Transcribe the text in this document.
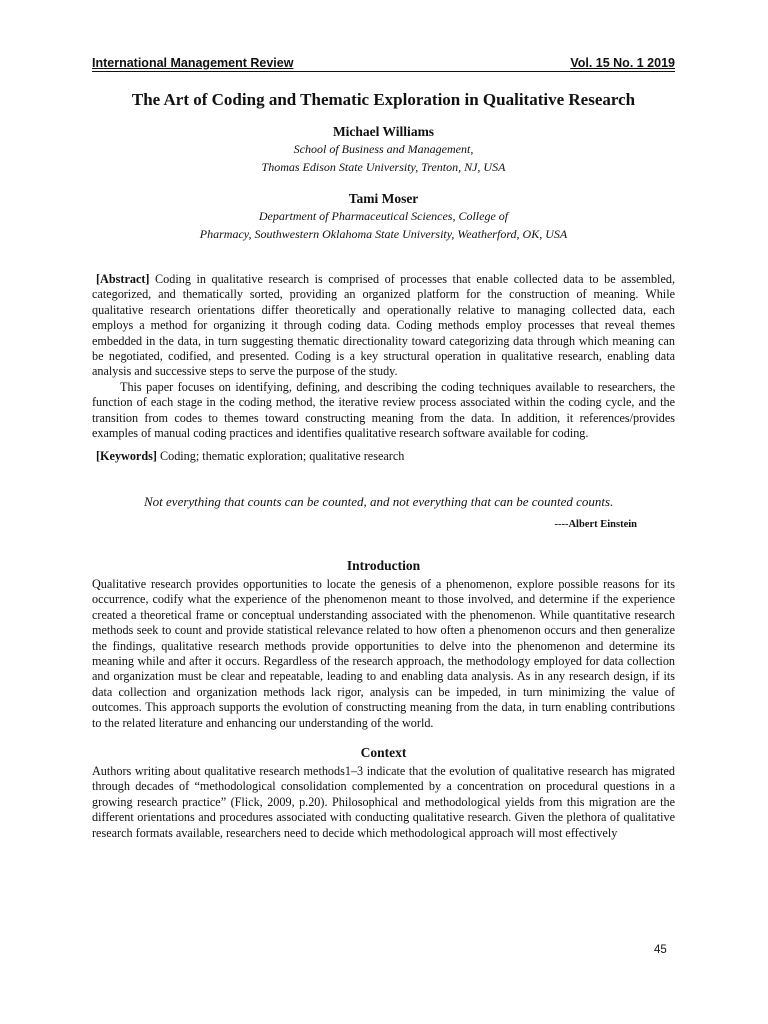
International Management Review	Vol. 15 No. 1 2019
The Art of Coding and Thematic Exploration in Qualitative Research

Michael Williams

School of Business and Management,

Thomas Edison State University, Trenton, NJ, USA

Tami Moser

Department of Pharmaceutical Sciences, College of

Pharmacy, Southwestern Oklahoma State University, Weatherford, OK, USA

[Abstract] Coding in qualitative research is comprised of processes that enable collected data to be assembled, categorized, and thematically sorted, providing an organized platform for the construction of meaning. While qualitative research orientations differ theoretically and operationally relative to managing collected data, each employs a method for organizing it through coding data. Coding methods employ processes that reveal themes embedded in the data, in turn suggesting thematic directionality toward categorizing data through which meaning can be negotiated, codified, and presented. Coding is a key structural operation in qualitative research, enabling data analysis and successive steps to serve the purpose of the study.

This paper focuses on identifying, defining, and describing the coding techniques available to researchers, the function of each stage in the coding method, the iterative review process associated within the coding cycle, and the transition from codes to themes toward constructing meaning from the data. In addition, it references/provides examples of manual coding practices and identifies qualitative research software available for coding.

[Keywords] Coding; thematic exploration; qualitative research
Not everything that counts can be counted, and not everything that can be counted counts.
----Albert Einstein
Introduction

Qualitative research provides opportunities to locate the genesis of a phenomenon, explore possible reasons for its occurrence, codify what the experience of the phenomenon meant to those involved, and determine if the experience created a theoretical frame or conceptual understanding associated with the phenomenon. While quantitative research methods seek to count and provide statistical relevance related to how often a phenomenon occurs and then generalize the findings, qualitative research methods provide opportunities to delve into the phenomenon and determine its meaning while and after it occurs. Regardless of the research approach, the methodology employed for data collection and organization must be clear and repeatable, leading to and enabling data analysis. As in any research design, if its data collection and organization methods lack rigor, analysis can be impeded, in turn minimizing the value of outcomes. This approach supports the evolution of constructing meaning from the data, in turn enabling contributions to the related literature and enhancing our understanding of the world.

Context

Authors writing about qualitative research methods1–3 indicate that the evolution of qualitative research has migrated through decades of “methodological consolidation complemented by a concentration on procedural questions in a growing research practice” (Flick, 2009, p.20). Philosophical and methodological yields from this migration are the different orientations and procedures associated with conducting qualitative research. Given the plethora of qualitative research formats available, researchers need to decide which methodological approach will most effectively

45
